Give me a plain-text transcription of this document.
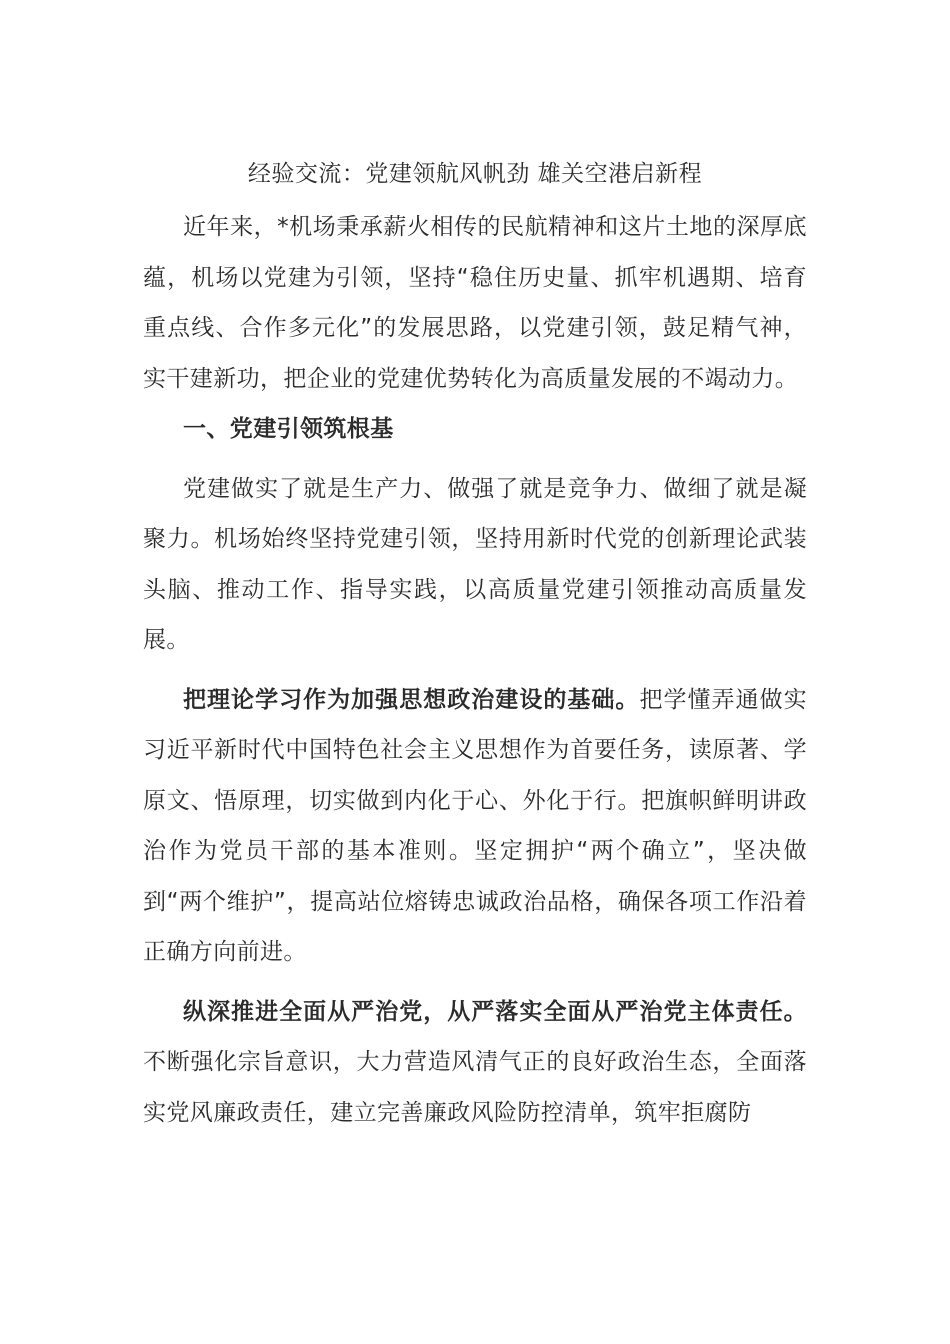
经验交流：党建领航风帆劲 雄关空港启新程

近年来，*机场秉承薪火相传的民航精神和这片土地的深厚底蕴，机场以党建为引领，坚持“稳住历史量、抓牢机遇期、培育重点线、合作多元化”的发展思路，以党建引领，鼓足精气神，实干建新功，把企业的党建优势转化为高质量发展的不竭动力。

一、党建引领筑根基

党建做实了就是生产力、做强了就是竞争力、做细了就是凝聚力。机场始终坚持党建引领，坚持用新时代党的创新理论武装头脑、推动工作、指导实践，以高质量党建引领推动高质量发展。

把理论学习作为加强思想政治建设的基础。把学懂弄通做实习近平新时代中国特色社会主义思想作为首要任务，读原著、学原文、悟原理，切实做到内化于心、外化于行。把旗帜鲜明讲政治作为党员干部的基本准则。坚定拥护“两个确立”，坚决做到“两个维护”，提高站位熔铸忠诚政治品格，确保各项工作沿着正确方向前进。

纵深推进全面从严治党，从严落实全面从严治党主体责任。不断强化宗旨意识，大力营造风清气正的良好政治生态，全面落实党风廉政责任，建立完善廉政风险防控清单，筑牢拒腐防
